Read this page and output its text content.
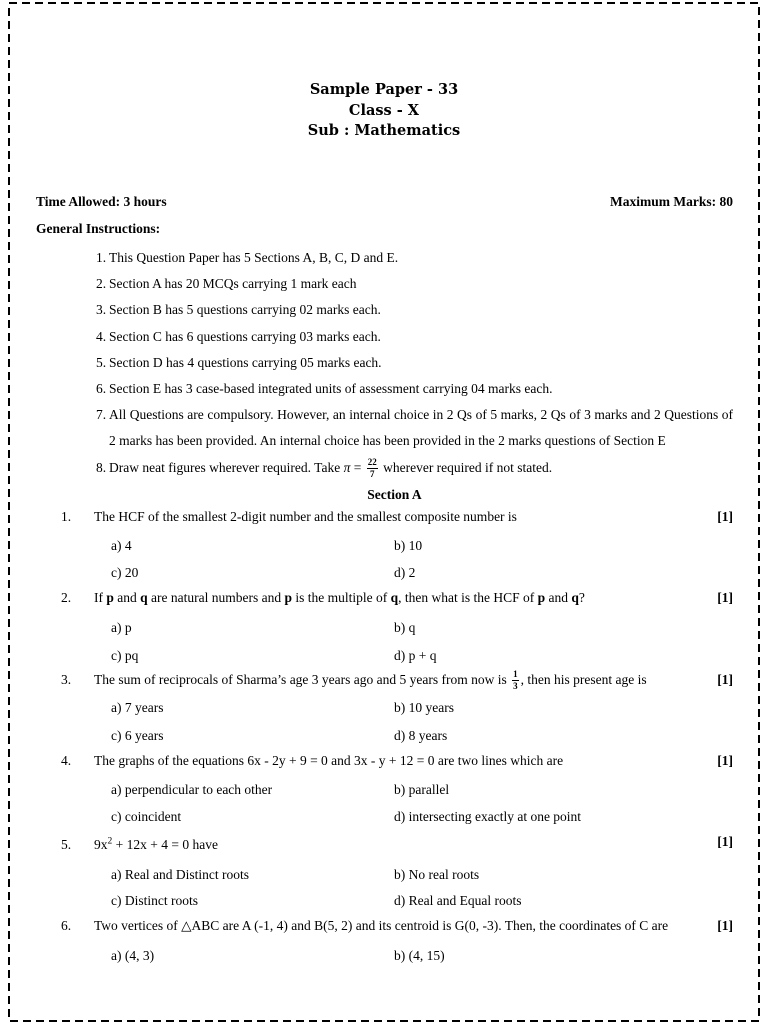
Sample Paper - 33
Class - X
Sub : Mathematics
Time Allowed: 3 hours	Maximum Marks: 80
General Instructions:
1. This Question Paper has 5 Sections A, B, C, D and E.
2. Section A has 20 MCQs carrying 1 mark each
3. Section B has 5 questions carrying 02 marks each.
4. Section C has 6 questions carrying 03 marks each.
5. Section D has 4 questions carrying 05 marks each.
6. Section E has 3 case-based integrated units of assessment carrying 04 marks each.
7. All Questions are compulsory. However, an internal choice in 2 Qs of 5 marks, 2 Qs of 3 marks and 2 Questions of 2 marks has been provided. An internal choice has been provided in the 2 marks questions of Section E
8. Draw neat figures wherever required. Take $\pi = \frac{22}{7}$ wherever required if not stated.
Section A
1. The HCF of the smallest 2-digit number and the smallest composite number is	[1]
a) 4	b) 10
c) 20	d) 2
2. If p and q are natural numbers and p is the multiple of q, then what is the HCF of p and q?	[1]
a) p	b) q
c) pq	d) p + q
3. The sum of reciprocals of Sharma’s age 3 years ago and 5 years from now is $\frac{1}{3}$ , then his present age is	[1]
a) 7 years	b) 10 years
c) 6 years	d) 8 years
4. The graphs of the equations 6x - 2y + 9 = 0 and 3x - y + 12 = 0 are two lines which are	[1]
a) perpendicular to each other	b) parallel
c) coincident	d) intersecting exactly at one point
5. $9x^2 + 12x + 4 = 0$ have	[1]
a) Real and Distinct roots	b) No real roots
c) Distinct roots	d) Real and Equal roots
6. Two vertices of △ABC are A (-1, 4) and B(5, 2) and its centroid is G(0, -3). Then, the coordinates of C are	[1]
a) (4, 3)	b) (4, 15)
